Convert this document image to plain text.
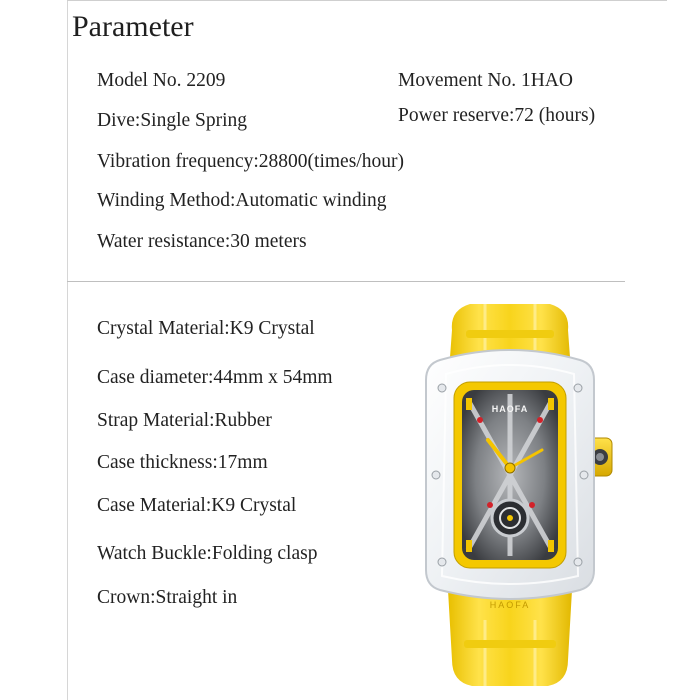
Parameter
Model No. 2209	Movement No. 1HAO
Dive:Single Spring	Power reserve:72 (hours)
Vibration frequency:28800(times/hour)
Winding Method:Automatic winding
Water resistance:30 meters
Crystal Material:K9 Crystal
Case diameter:44mm x 54mm
Strap Material:Rubber
Case thickness:17mm
Case Material:K9 Crystal
Watch Buckle:Folding clasp
Crown:Straight in	HAOFA
HAOFA
